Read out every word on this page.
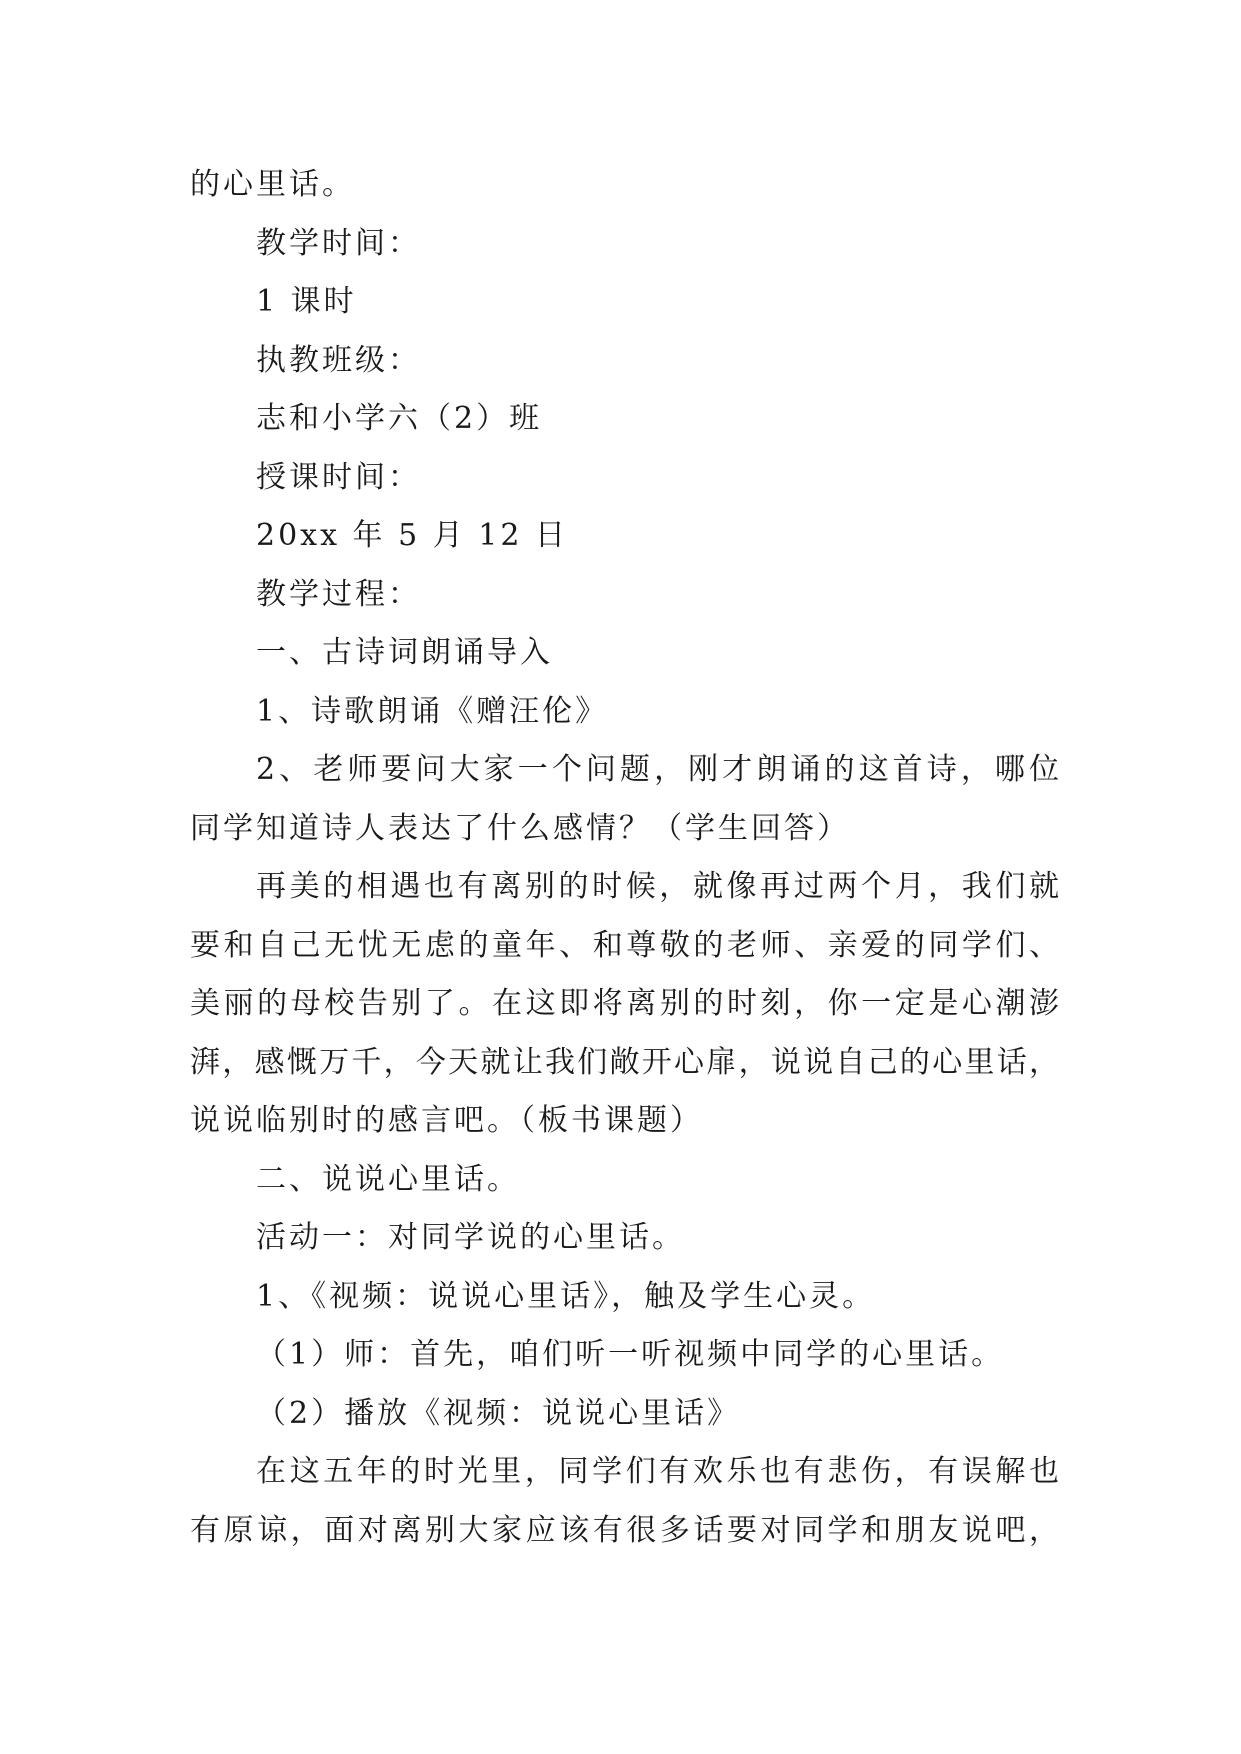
的心里话。
教学时间：
1 课时
执教班级：
志和小学六（2）班
授课时间：
20xx 年 5 月 12 日
教学过程：
一、古诗词朗诵导入
1、诗歌朗诵《赠汪伦》
2、老师要问大家一个问题，刚才朗诵的这首诗，哪位
同学知道诗人表达了什么感情？（学生回答）
再美的相遇也有离别的时候，就像再过两个月，我们就
要和自己无忧无虑的童年、和尊敬的老师、亲爱的同学们、
美丽的母校告别了。在这即将离别的时刻，你一定是心潮澎
湃，感慨万千，今天就让我们敞开心扉，说说自己的心里话，
说说临别时的感言吧。（板书课题）
二、说说心里话。
活动一：对同学说的心里话。
1、《视频：说说心里话》，触及学生心灵。
（1）师：首先，咱们听一听视频中同学的心里话。
（2）播放《视频：说说心里话》
在这五年的时光里，同学们有欢乐也有悲伤，有误解也
有原谅，面对离别大家应该有很多话要对同学和朋友说吧，
